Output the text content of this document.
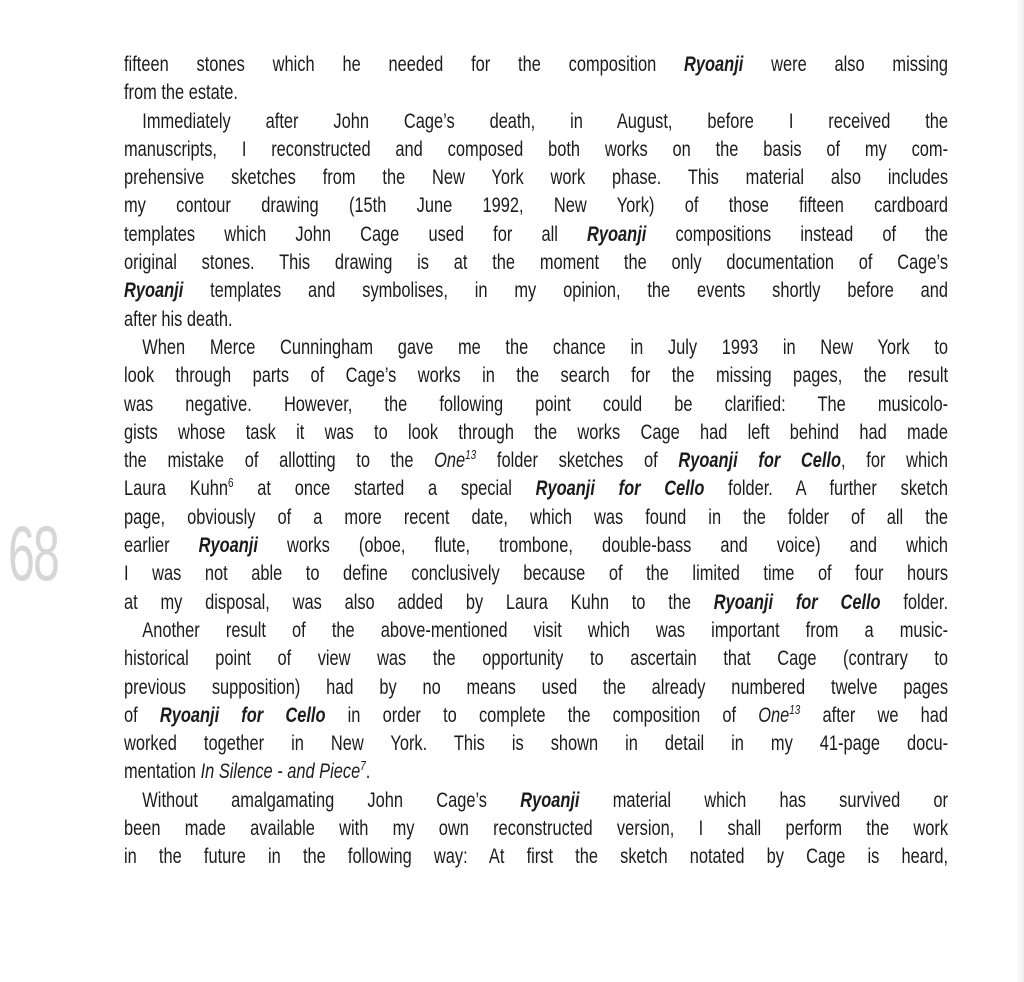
68
fifteen stones which he needed for the composition Ryoanji were also missing
from the estate.
Immediately after John Cage’s death, in August, before I received the
manuscripts, I reconstructed and composed both works on the basis of my com-
prehensive sketches from the New York work phase. This material also includes
my contour drawing (15th June 1992, New York) of those fifteen cardboard
templates which John Cage used for all Ryoanji compositions instead of the
original stones. This drawing is at the moment the only documentation of Cage’s
Ryoanji templates and symbolises, in my opinion, the events shortly before and
after his death.
When Merce Cunningham gave me the chance in July 1993 in New York to
look through parts of Cage’s works in the search for the missing pages, the result
was negative. However, the following point could be clarified: The musicolo-
gists whose task it was to look through the works Cage had left behind had made
the mistake of allotting to the One$^{13}$ folder sketches of Ryoanji for Cello, for which
Laura Kuhn$^6$ at once started a special Ryoanji for Cello folder. A further sketch
page, obviously of a more recent date, which was found in the folder of all the
earlier Ryoanji works (oboe, flute, trombone, double-bass and voice) and which
I was not able to define conclusively because of the limited time of four hours
at my disposal, was also added by Laura Kuhn to the Ryoanji for Cello folder.
Another result of the above-mentioned visit which was important from a music-
historical point of view was the opportunity to ascertain that Cage (contrary to
previous supposition) had by no means used the already numbered twelve pages
of Ryoanji for Cello in order to complete the composition of One$^{13}$ after we had
worked together in New York. This is shown in detail in my 41-page docu-
mentation In Silence - and Piece$^7$.
Without amalgamating John Cage’s Ryoanji material which has survived or
been made available with my own reconstructed version, I shall perform the work
in the future in the following way: At first the sketch notated by Cage is heard,
